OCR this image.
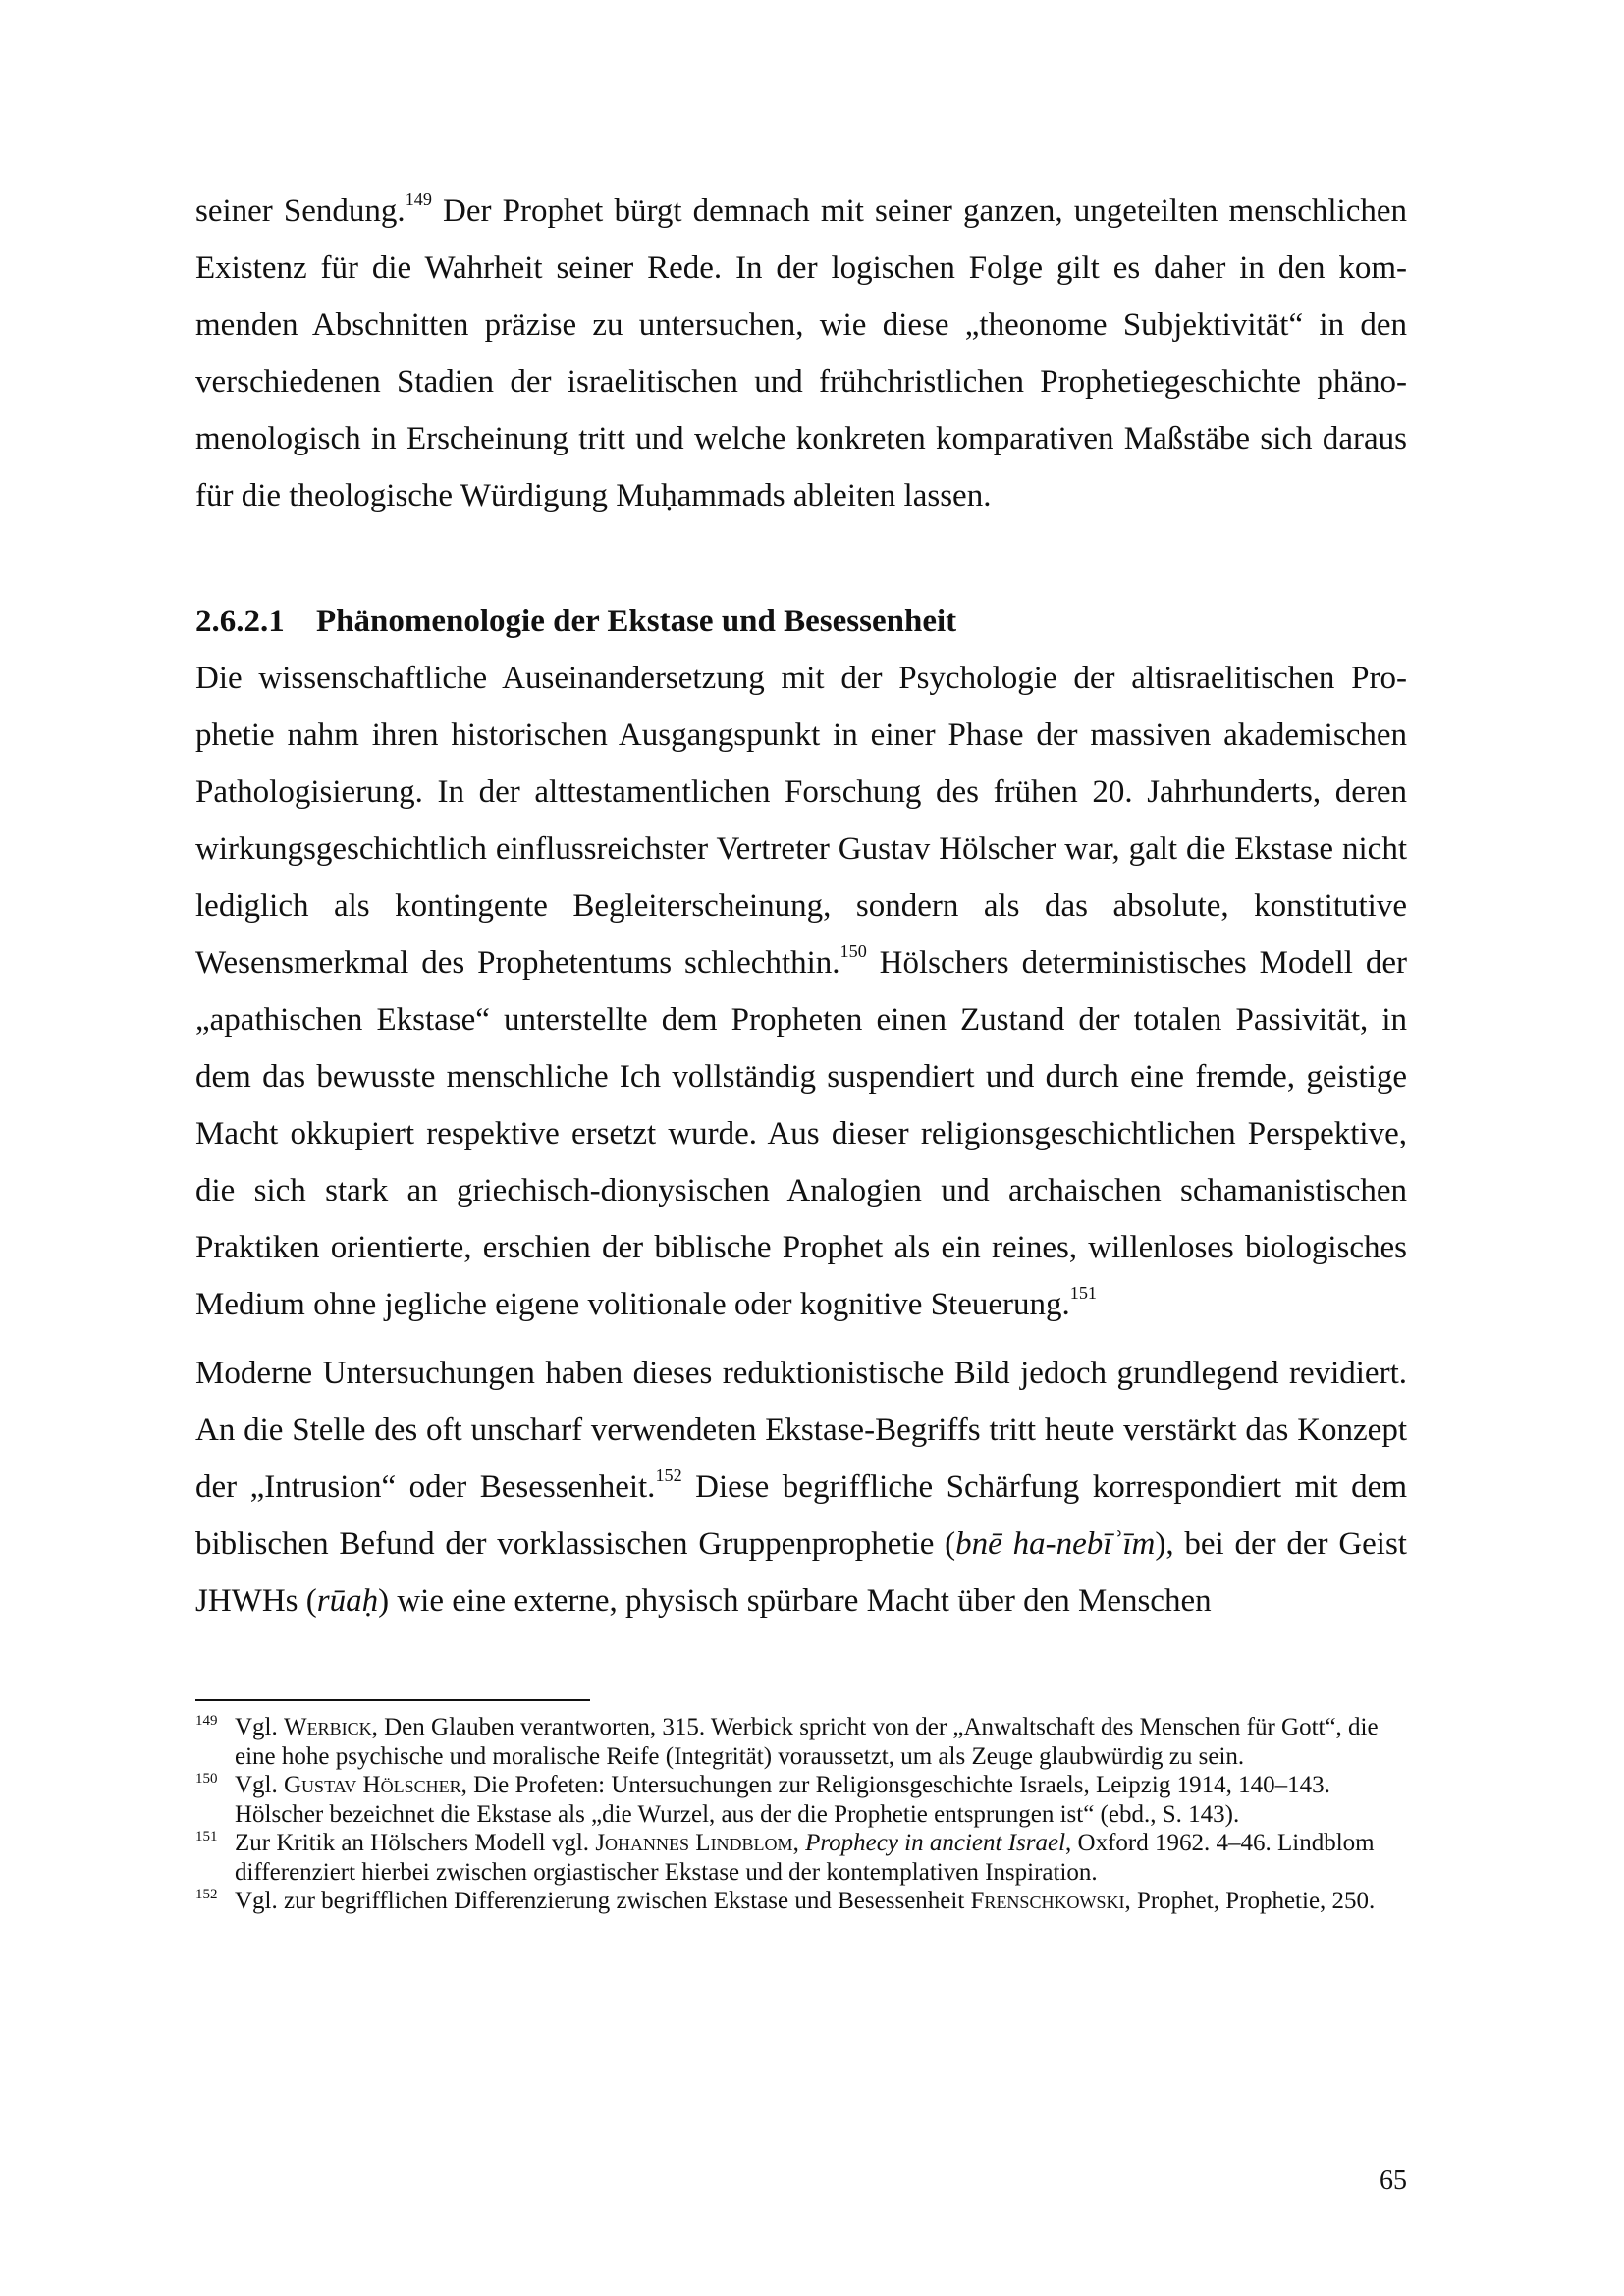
seiner Sendung.$^{149}$ Der Prophet bürgt demnach mit seiner ganzen, ungeteilten menschlichen Existenz für die Wahrheit seiner Rede. In der logischen Folge gilt es daher in den kommenden Abschnitten präzise zu untersuchen, wie diese „theonome Subjektivität“ in den verschiedenen Stadien der israelitischen und frühchristlichen Prophetiegeschichte phänomenologisch in Erscheinung tritt und welche konkreten komparativen Maßstäbe sich daraus für die theologische Würdigung Muḥammads ableiten lassen.

2.6.2.1 Phänomenologie der Ekstase und Besessenheit

Die wissenschaftliche Auseinandersetzung mit der Psychologie der altisraelitischen Prophetie nahm ihren historischen Ausgangspunkt in einer Phase der massiven akademischen Pathologisierung. In der alttestamentlichen Forschung des frühen 20. Jahrhunderts, deren wirkungsgeschichtlich einflussreichster Vertreter Gustav Hölscher war, galt die Ekstase nicht lediglich als kontingente Begleiterscheinung, sondern als das absolute, konstitutive Wesensmerkmal des Prophetentums schlechthin.$^{150}$ Hölschers deterministisches Modell der „apathischen Ekstase“ unterstellte dem Propheten einen Zustand der totalen Passivität, in dem das bewusste menschliche Ich vollständig suspendiert und durch eine fremde, geistige Macht okkupiert respektive ersetzt wurde. Aus dieser religionsgeschichtlichen Perspektive, die sich stark an griechisch-dionysischen Analogien und archaischen schamanistischen Praktiken orientierte, erschien der biblische Prophet als ein reines, willenloses biologisches Medium ohne jegliche eigene volitionale oder kognitive Steuerung.$^{151}$

Moderne Untersuchungen haben dieses reduktionistische Bild jedoch grundlegend revidiert. An die Stelle des oft unscharf verwendeten Ekstase-Begriffs tritt heute verstärkt das Konzept der „Intrusion“ oder Besessenheit.$^{152}$ Diese begriffliche Schärfung korrespondiert mit dem biblischen Befund der vorklassischen Gruppenprophetie (bnē ha-nebīʾīm), bei der der Geist JHWHs (rūaḥ) wie eine externe, physisch spürbare Macht über den Menschen

149 Vgl. Werbick, Den Glauben verantworten, 315. Werbick spricht von der „Anwaltschaft des Menschen für Gott“, die eine hohe psychische und moralische Reife (Integrität) voraussetzt, um als Zeuge glaubwürdig zu sein.
150 Vgl. Gustav Hölscher, Die Profeten: Untersuchungen zur Religionsgeschichte Israels, Leipzig 1914, 140–143. Hölscher bezeichnet die Ekstase als „die Wurzel, aus der die Prophetie entsprungen ist“ (ebd., S. 143).
151 Zur Kritik an Hölschers Modell vgl. Johannes Lindblom, Prophecy in ancient Israel, Oxford 1962. 4–46. Lindblom differenziert hierbei zwischen orgiastischer Ekstase und der kontemplativen Inspiration.
152 Vgl. zur begrifflichen Differenzierung zwischen Ekstase und Besessenheit Frenschkowski, Prophet, Prophetie, 250.
65
